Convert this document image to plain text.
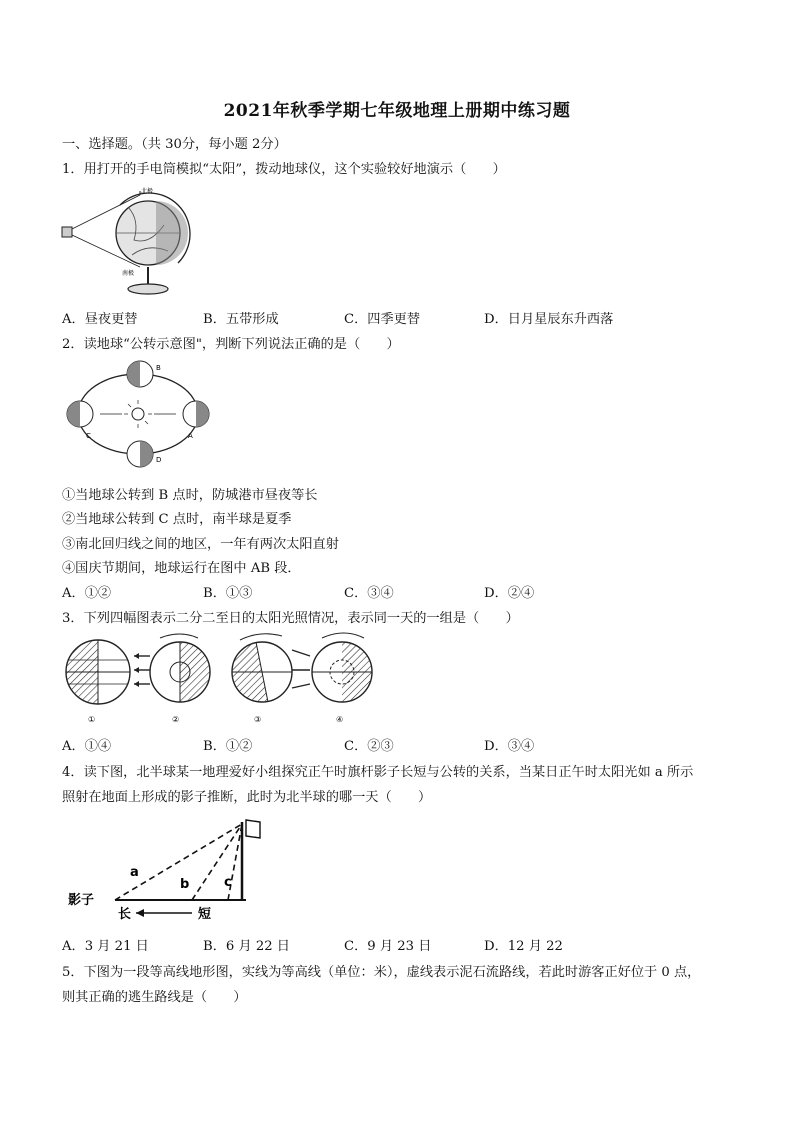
2021年秋季学期七年级地理上册期中练习题
一、选择题。（共 30分，每小题 2分）
1．用打开的手电筒模拟“太阳”，拨动地球仪，这个实验较好地演示（　　）
北极
南极
A．昼夜更替	B．五带形成	C．四季更替	D．日月星辰东升西落
2．读地球“公转示意图"，判断下列说法正确的是（　　）
B
C	A
D
①当地球公转到 B 点时，防城港市昼夜等长
②当地球公转到 C 点时，南半球是夏季
③南北回归线之间的地区，一年有两次太阳直射
④国庆节期间，地球运行在图中 AB 段．
A．①②	B．①③	C．③④	D．②④
3．下列四幅图表示二分二至日的太阳光照情况，表示同一天的一组是（　　）
①	②	③	④
A．①④	B．①②	C．②③	D．③④
4．读下图，北半球某一地理爱好小组探究正午时旗杆影子长短与公转的关系，当某日正午时太阳光如 a 所示
照射在地面上形成的影子推断，此时为北半球的哪一天（　　）
a
b	c
影子
长	短
A．3 月 21 日	B．6 月 22 日	C．9 月 23 日	D．12 月 22
5．下图为一段等高线地形图，实线为等高线（单位：米），虚线表示泥石流路线，若此时游客正好位于 0 点，
则其正确的逃生路线是（　　）
